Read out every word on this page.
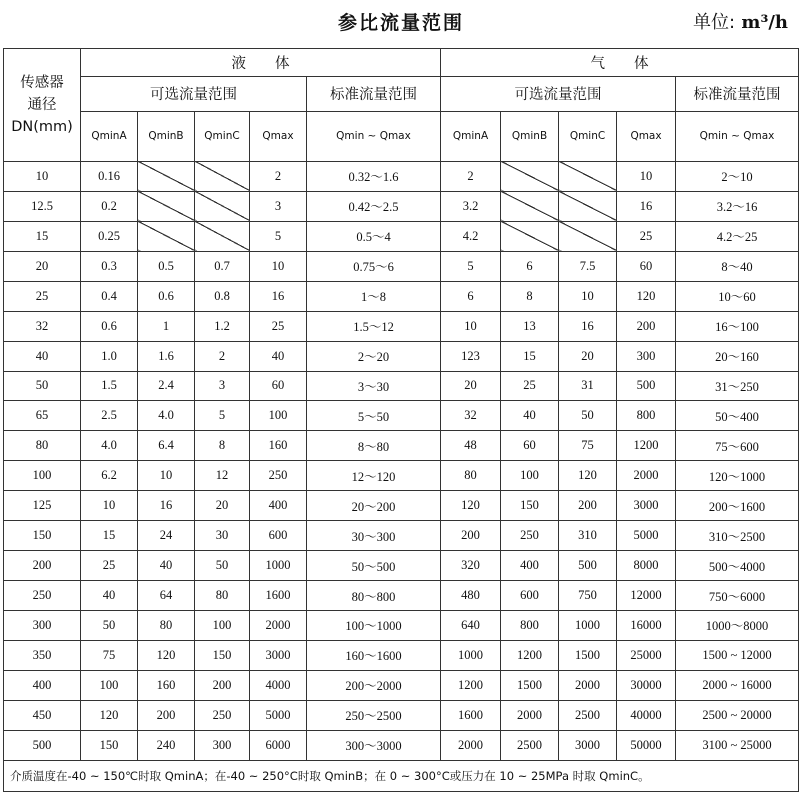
参比流量范围	单位: m³/h
传感器
通径
DN(mm)	液　　体					气　　体				
	可选流量范围				标准流量范围	可选流量范围				标准流量范围
	QminA	QminB	QminC	Qmax	Qmin ~ Qmax	QminA	QminB	QminC	Qmax	Qmin ~ Qmax
10	0.16			2	0.32～1.6	2			10	2～10
12.5	0.2			3	0.42～2.5	3.2			16	3.2～16
15	0.25			5	0.5～4	4.2			25	4.2～25
20	0.3	0.5	0.7	10	0.75～6	5	6	7.5	60	8～40
25	0.4	0.6	0.8	16	1～8	6	8	10	120	10～60
32	0.6	1	1.2	25	1.5～12	10	13	16	200	16～100
40	1.0	1.6	2	40	2～20	123	15	20	300	20～160
50	1.5	2.4	3	60	3～30	20	25	31	500	31～250
65	2.5	4.0	5	100	5～50	32	40	50	800	50～400
80	4.0	6.4	8	160	8～80	48	60	75	1200	75～600
100	6.2	10	12	250	12～120	80	100	120	2000	120～1000
125	10	16	20	400	20～200	120	150	200	3000	200～1600
150	15	24	30	600	30～300	200	250	310	5000	310～2500
200	25	40	50	1000	50～500	320	400	500	8000	500～4000
250	40	64	80	1600	80～800	480	600	750	12000	750～6000
300	50	80	100	2000	100～1000	640	800	1000	16000	1000～8000
350	75	120	150	3000	160～1600	1000	1200	1500	25000	1500 ~ 12000
400	100	160	200	4000	200～2000	1200	1500	2000	30000	2000 ~ 16000
450	120	200	250	5000	250～2500	1600	2000	2500	40000	2500 ~ 20000
500	150	240	300	6000	300～3000	2000	2500	3000	50000	3100 ~ 25000
介质温度在-40 ~ 150℃时取 QminA；在-40 ~ 250°C时取 QminB；在 0 ~ 300°C或压力在 10 ~ 25MPa 时取 QminC。										
